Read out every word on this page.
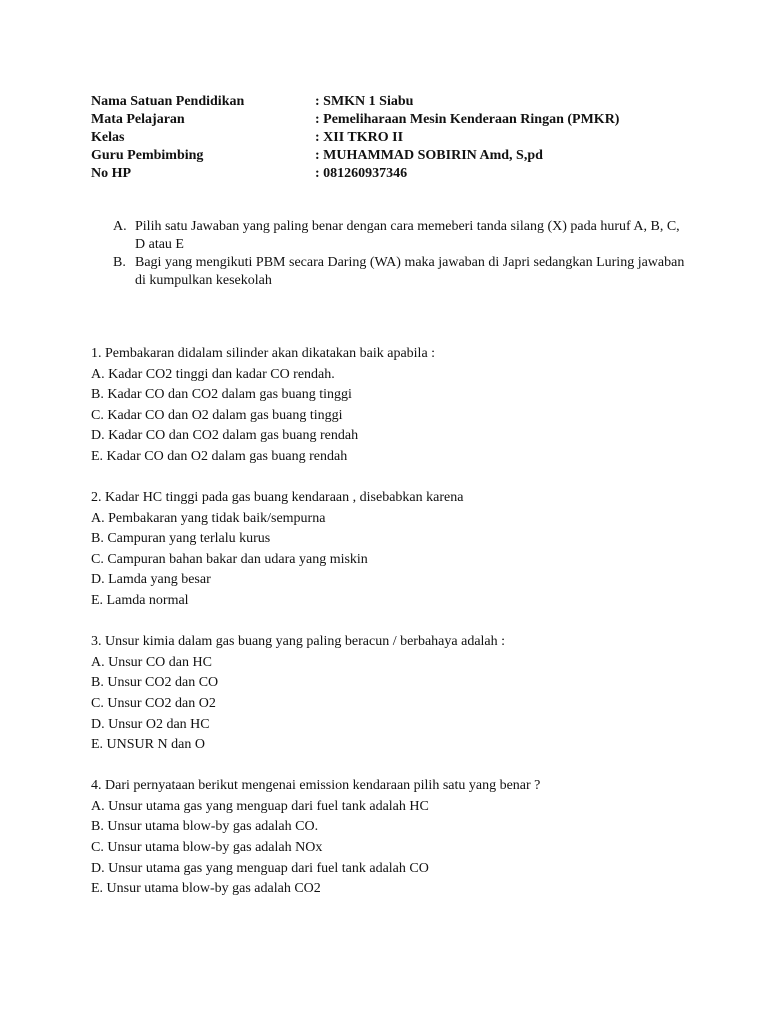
Nama Satuan Pendidikan	: SMKN 1 Siabu
Mata Pelajaran	: Pemeliharaan Mesin Kenderaan Ringan (PMKR)
Kelas	: XII TKRO II
Guru Pembimbing	: MUHAMMAD SOBIRIN Amd, S,pd
No HP	: 081260937346
A. Pilih satu Jawaban yang paling benar dengan cara memeberi tanda silang (X) pada huruf A, B, C, D atau E
B. Bagi yang mengikuti PBM secara Daring (WA) maka jawaban di Japri sedangkan Luring jawaban di kumpulkan kesekolah
1. Pembakaran didalam silinder akan dikatakan baik apabila :
A. Kadar CO2 tinggi dan kadar CO rendah.
B. Kadar CO dan CO2 dalam gas buang tinggi
C. Kadar CO dan O2 dalam gas buang tinggi
D. Kadar CO dan CO2 dalam gas buang rendah
E. Kadar CO dan O2 dalam gas buang rendah
2. Kadar HC tinggi pada gas buang kendaraan , disebabkan karena
A. Pembakaran yang tidak baik/sempurna
B. Campuran yang terlalu kurus
C. Campuran bahan bakar dan udara yang miskin
D. Lamda yang besar
E. Lamda normal
3. Unsur kimia dalam gas buang yang paling beracun / berbahaya adalah :
A. Unsur CO dan HC
B. Unsur CO2 dan CO
C. Unsur CO2 dan O2
D. Unsur O2 dan HC
E. UNSUR N dan O
4. Dari pernyataan berikut mengenai emission kendaraan pilih satu yang benar ?
A. Unsur utama gas yang menguap dari fuel tank adalah HC
B. Unsur utama blow-by gas adalah CO.
C. Unsur utama blow-by gas adalah NOx
D. Unsur utama gas yang menguap dari fuel tank adalah CO
E. Unsur utama blow-by gas adalah CO2
